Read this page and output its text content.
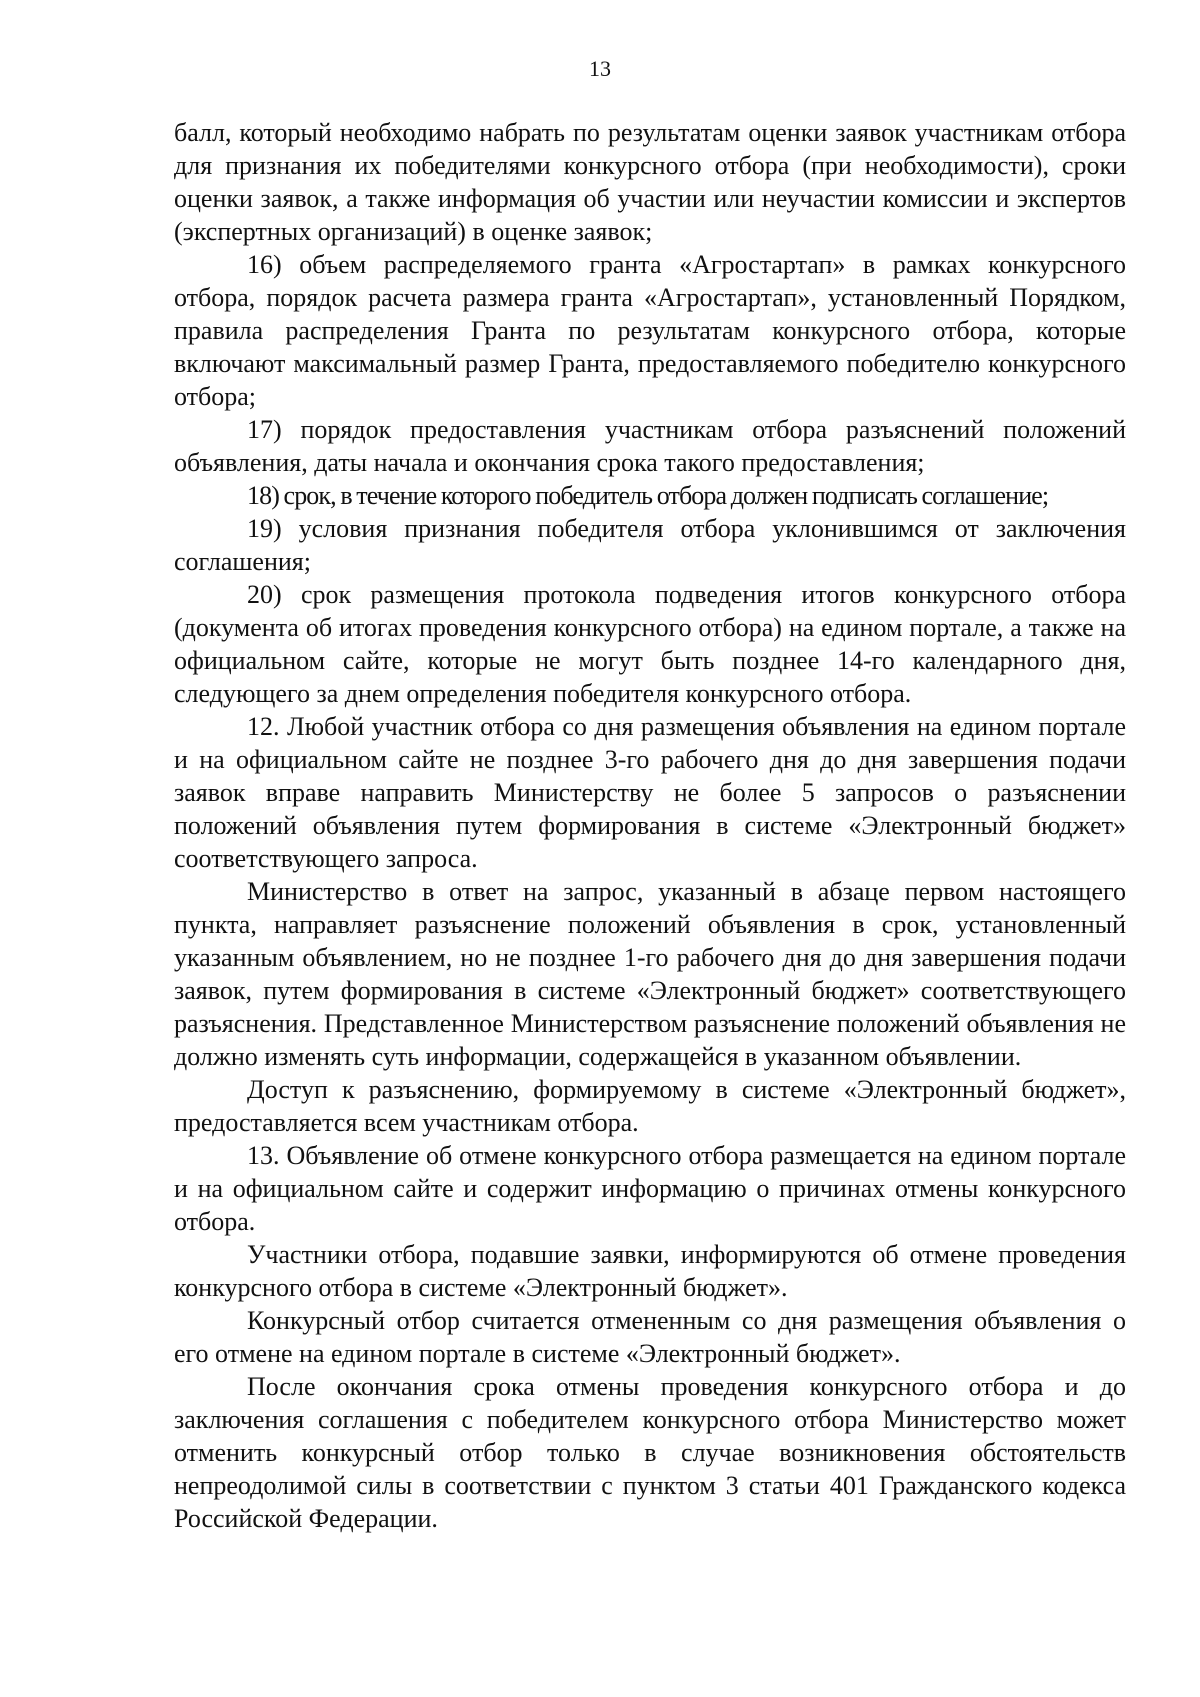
13

балл, который необходимо набрать по результатам оценки заявок участникам отбора для признания их победителями конкурсного отбора (при необходимости), сроки оценки заявок, а также информация об участии или неучастии комиссии и экспертов (экспертных организаций) в оценке заявок;

16) объем распределяемого гранта «Агростартап» в рамках конкурсного отбора, порядок расчета размера гранта «Агростартап», установленный Порядком, правила распределения Гранта по результатам конкурсного отбора, которые включают максимальный размер Гранта, предоставляемого победителю конкурсного отбора;

17) порядок предоставления участникам отбора разъяснений положений объявления, даты начала и окончания срока такого предоставления;

18) срок, в течение которого победитель отбора должен подписать соглашение;

19) условия признания победителя отбора уклонившимся от заключения соглашения;

20) срок размещения протокола подведения итогов конкурсного отбора (документа об итогах проведения конкурсного отбора) на едином портале, а также на официальном сайте, которые не могут быть позднее 14-го календарного дня, следующего за днем определения победителя конкурсного отбора.

12. Любой участник отбора со дня размещения объявления на едином портале и на официальном сайте не позднее 3-го рабочего дня до дня завершения подачи заявок вправе направить Министерству не более 5 запросов о разъяснении положений объявления путем формирования в системе «Электронный бюджет» соответствующего запроса.

Министерство в ответ на запрос, указанный в абзаце первом настоящего пункта, направляет разъяснение положений объявления в срок, установленный указанным объявлением, но не позднее 1-го рабочего дня до дня завершения подачи заявок, путем формирования в системе «Электронный бюджет» соответствующего разъяснения. Представленное Министерством разъяснение положений объявления не должно изменять суть информации, содержащейся в указанном объявлении.

Доступ к разъяснению, формируемому в системе «Электронный бюджет», предоставляется всем участникам отбора.

13. Объявление об отмене конкурсного отбора размещается на едином портале и на официальном сайте и содержит информацию о причинах отмены конкурсного отбора.

Участники отбора, подавшие заявки, информируются об отмене проведения конкурсного отбора в системе «Электронный бюджет».

Конкурсный отбор считается отмененным со дня размещения объявления о его отмене на едином портале в системе «Электронный бюджет».

После окончания срока отмены проведения конкурсного отбора и до заключения соглашения с победителем конкурсного отбора Министерство может отменить конкурсный отбор только в случае возникновения обстоятельств непреодолимой силы в соответствии с пунктом 3 статьи 401 Гражданского кодекса Российской Федерации.
